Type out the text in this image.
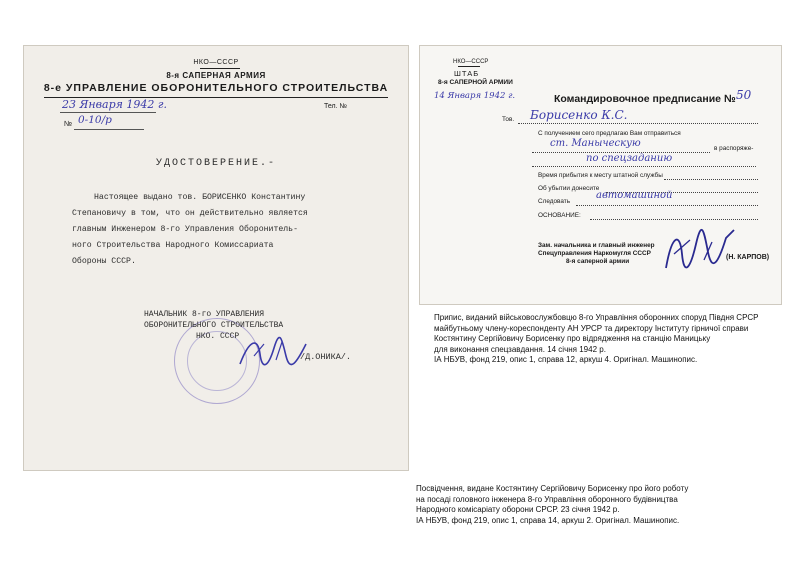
НКО—СССР
8-я САПЕРНАЯ АРМИЯ
8-е УПРАВЛЕНИЕ ОБОРОНИТЕЛЬНОГО СТРОИТЕЛЬСТВА
23 Января 1942 г.	Тел. №
№ 0-10/р
УДОСТОВЕРЕНИЕ.-
Настоящее выдано тов. БОРИСЕНКО Константину
Степановичу в том, что он действительно является
главным Инженером 8-го Управления Оборонитель-
ного Строительства Народного Комиссариата
Обороны СССР.
НАЧАЛЬНИК 8-го УПРАВЛЕНИЯ
ОБОРОНИТЕЛЬНОГО СТРОИТЕЛЬСТВА
НКО. СССР
/Д.ОНИКА/.
НКО—СССР
ШТАБ
8-я САПЕРНОЙ АРМИИ
14 Января 1942 г.	Командировочное предписание № 50
Тов. Борисенко К.С.
С получением сего предлагаю Вам отправиться
ст. Маныческую	в распоряже-
по спецзаданию
Время прибытия к месту штатной службы
Об убытии донесите
Следовать
автомашиной
ОСНОВАНИЕ:
Зам. начальника и главный инженер
Спецуправления Наркомугля СССР
8-я саперной армии
(Н. КАРПОВ)
Припис, виданий військовослужбовцю 8-го Управління оборонних споруд Півдня СРСР
майбутньому члену-кореспонденту АН УРСР та директору Інституту гірничої справи
Костянтину Сергійовичу Борисенку про відрядження на станцію Маницьку
для виконання спецзавдання. 14 січня 1942 р.
ІА НБУВ, фонд 219, опис 1, справа 12, аркуш 4. Оригінал. Машинопис.
Посвідчення, видане Костянтину Сергійовичу Борисенку про його роботу
на посаді головного інженера 8-го Управління оборонного будівництва
Народного комісаріату оборони СРСР. 23 січня 1942 р.
ІА НБУВ, фонд 219, опис 1, справа 14, аркуш 2. Оригінал. Машинопис.
